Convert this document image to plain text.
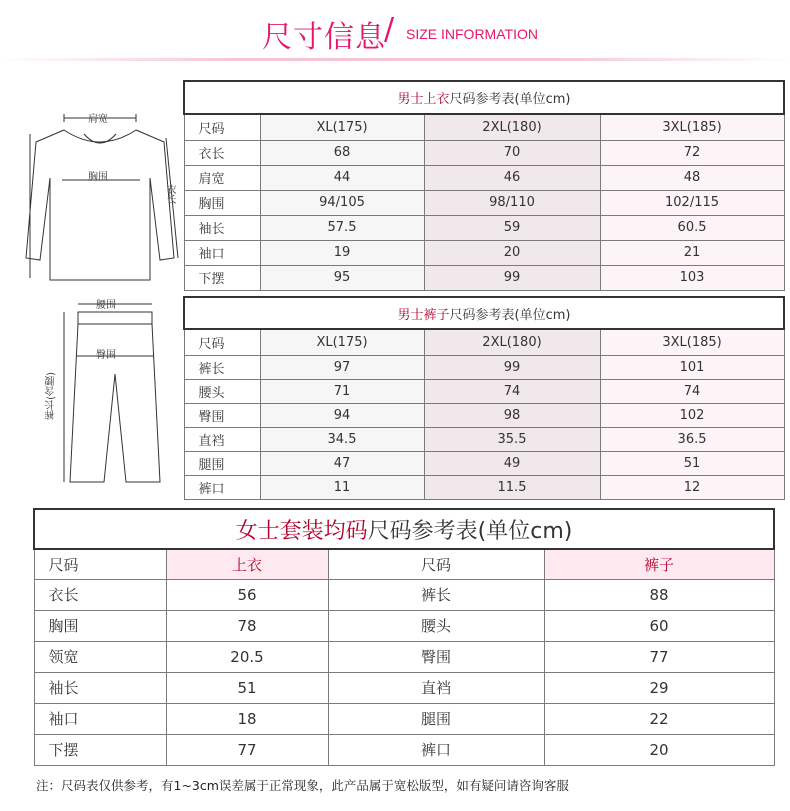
尺寸信息
/ SIZE INFORMATION
肩宽
胸围
衣长
腰围
臀围
裤长(含腰)
男士上衣尺码参考表(单位cm)			
尺码	XL(175)	2XL(180)	3XL(185)
衣长	68	70	72
肩宽	44	46	48
胸围	94/105	98/110	102/115
袖长	57.5	59	60.5
袖口	19	20	21
下摆	95	99	103
男士裤子尺码参考表(单位cm)			
尺码	XL(175)	2XL(180)	3XL(185)
裤长	97	99	101
腰头	71	74	74
臀围	94	98	102
直裆	34.5	35.5	36.5
腿围	47	49	51
裤口	11	11.5	12
女士套装均码尺码参考表(单位cm)			
尺码	上衣	尺码	裤子
衣长	56	裤长	88
胸围	78	腰头	60
领宽	20.5	臀围	77
袖长	51	直裆	29
袖口	18	腿围	22
下摆	77	裤口	20
注：尺码表仅供参考，有1~3cm误差属于正常现象，此产品属于宽松版型，如有疑问请咨询客服
